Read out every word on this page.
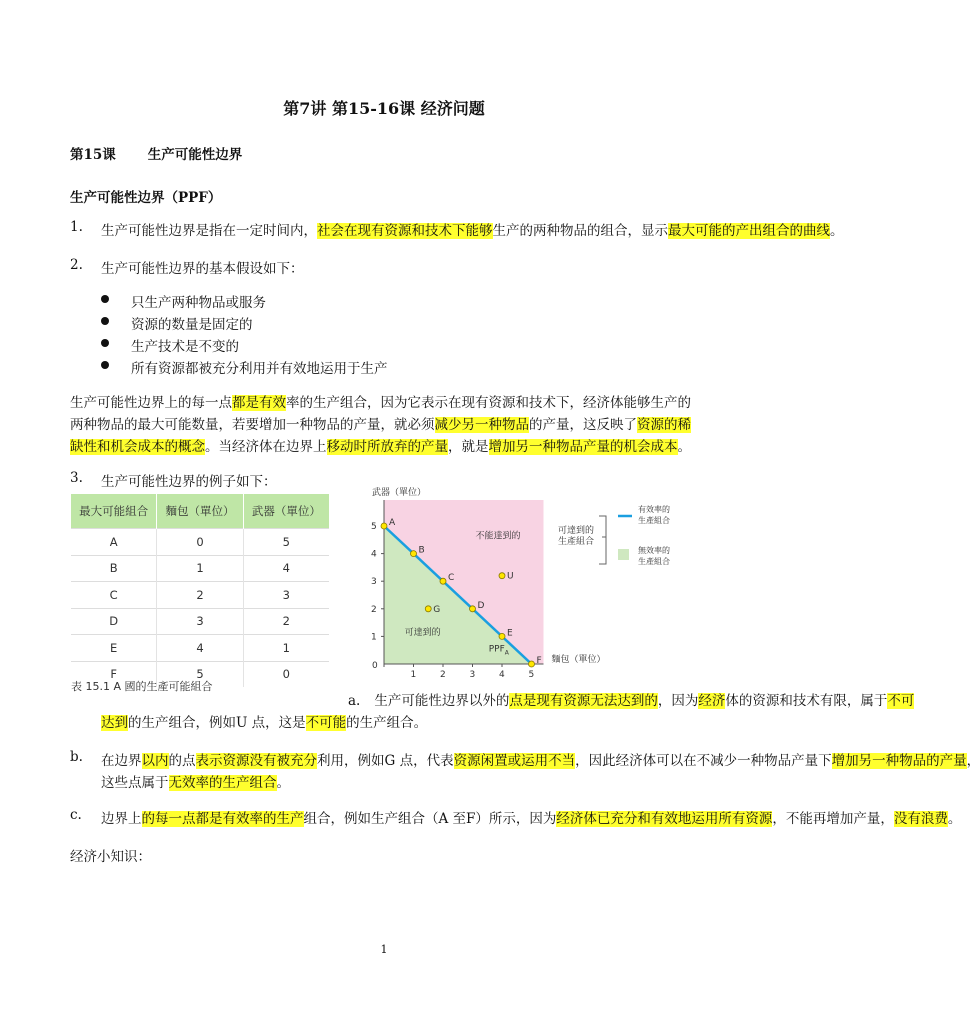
第7讲 第15-16课 经济问题
第15课 生产可能性边界
生产可能性边界（PPF）
1. 生产可能性边界是指在一定时间内，社会在现有资源和技术下能够生产的两种物品的组合，显示最大可能的产出组合的曲线。
2. 生产可能性边界的基本假设如下：
只生产两种物品或服务
资源的数量是固定的
生产技术是不变的
所有资源都被充分利用并有效地运用于生产
生产可能性边界上的每一点都是有效率的生产组合，因为它表示在现有资源和技术下，经济体能够生产的两种物品的最大可能数量，若要增加一种物品的产量，就必须减少另一种物品的产量，这反映了资源的稀缺性和机会成本的概念。当经济体在边界上移动时所放弃的产量，就是增加另一种物品产量的机会成本。
3. 生产可能性边界的例子如下：
最大可能組合	麵包（單位）	武器（單位）
A	0	5
B	1	4
C	2	3
D	3	2
E	4	1
F	5	0
表 15.1 A 國的生產可能組合
0
1	2	3	4	5
1
2
3
4
5
武器（單位）
麵包（單位）
不能達到的
可達到的
A
B
C
D
E
F
G
U
$PPF_A$
可達到的
生產組合
有效率的
生產組合
無效率的
生產組合
a. 生产可能性边界以外的点是现有资源无法达到的，因为经济体的资源和技术有限，属于不可
达到的生产组合，例如U 点，这是不可能的生产组合。
b. 在边界以内的点表示资源没有被充分利用，例如G 点，代表资源闲置或运用不当，因此经济体可以在不减少一种物品产量下增加另一种物品的产量，
这些点属于无效率的生产组合。
c. 边界上的每一点都是有效率的生产组合，例如生产组合（A 至F）所示，因为经济体已充分和有效地运用所有资源，不能再增加产量，没有浪费。
经济小知识：
1
